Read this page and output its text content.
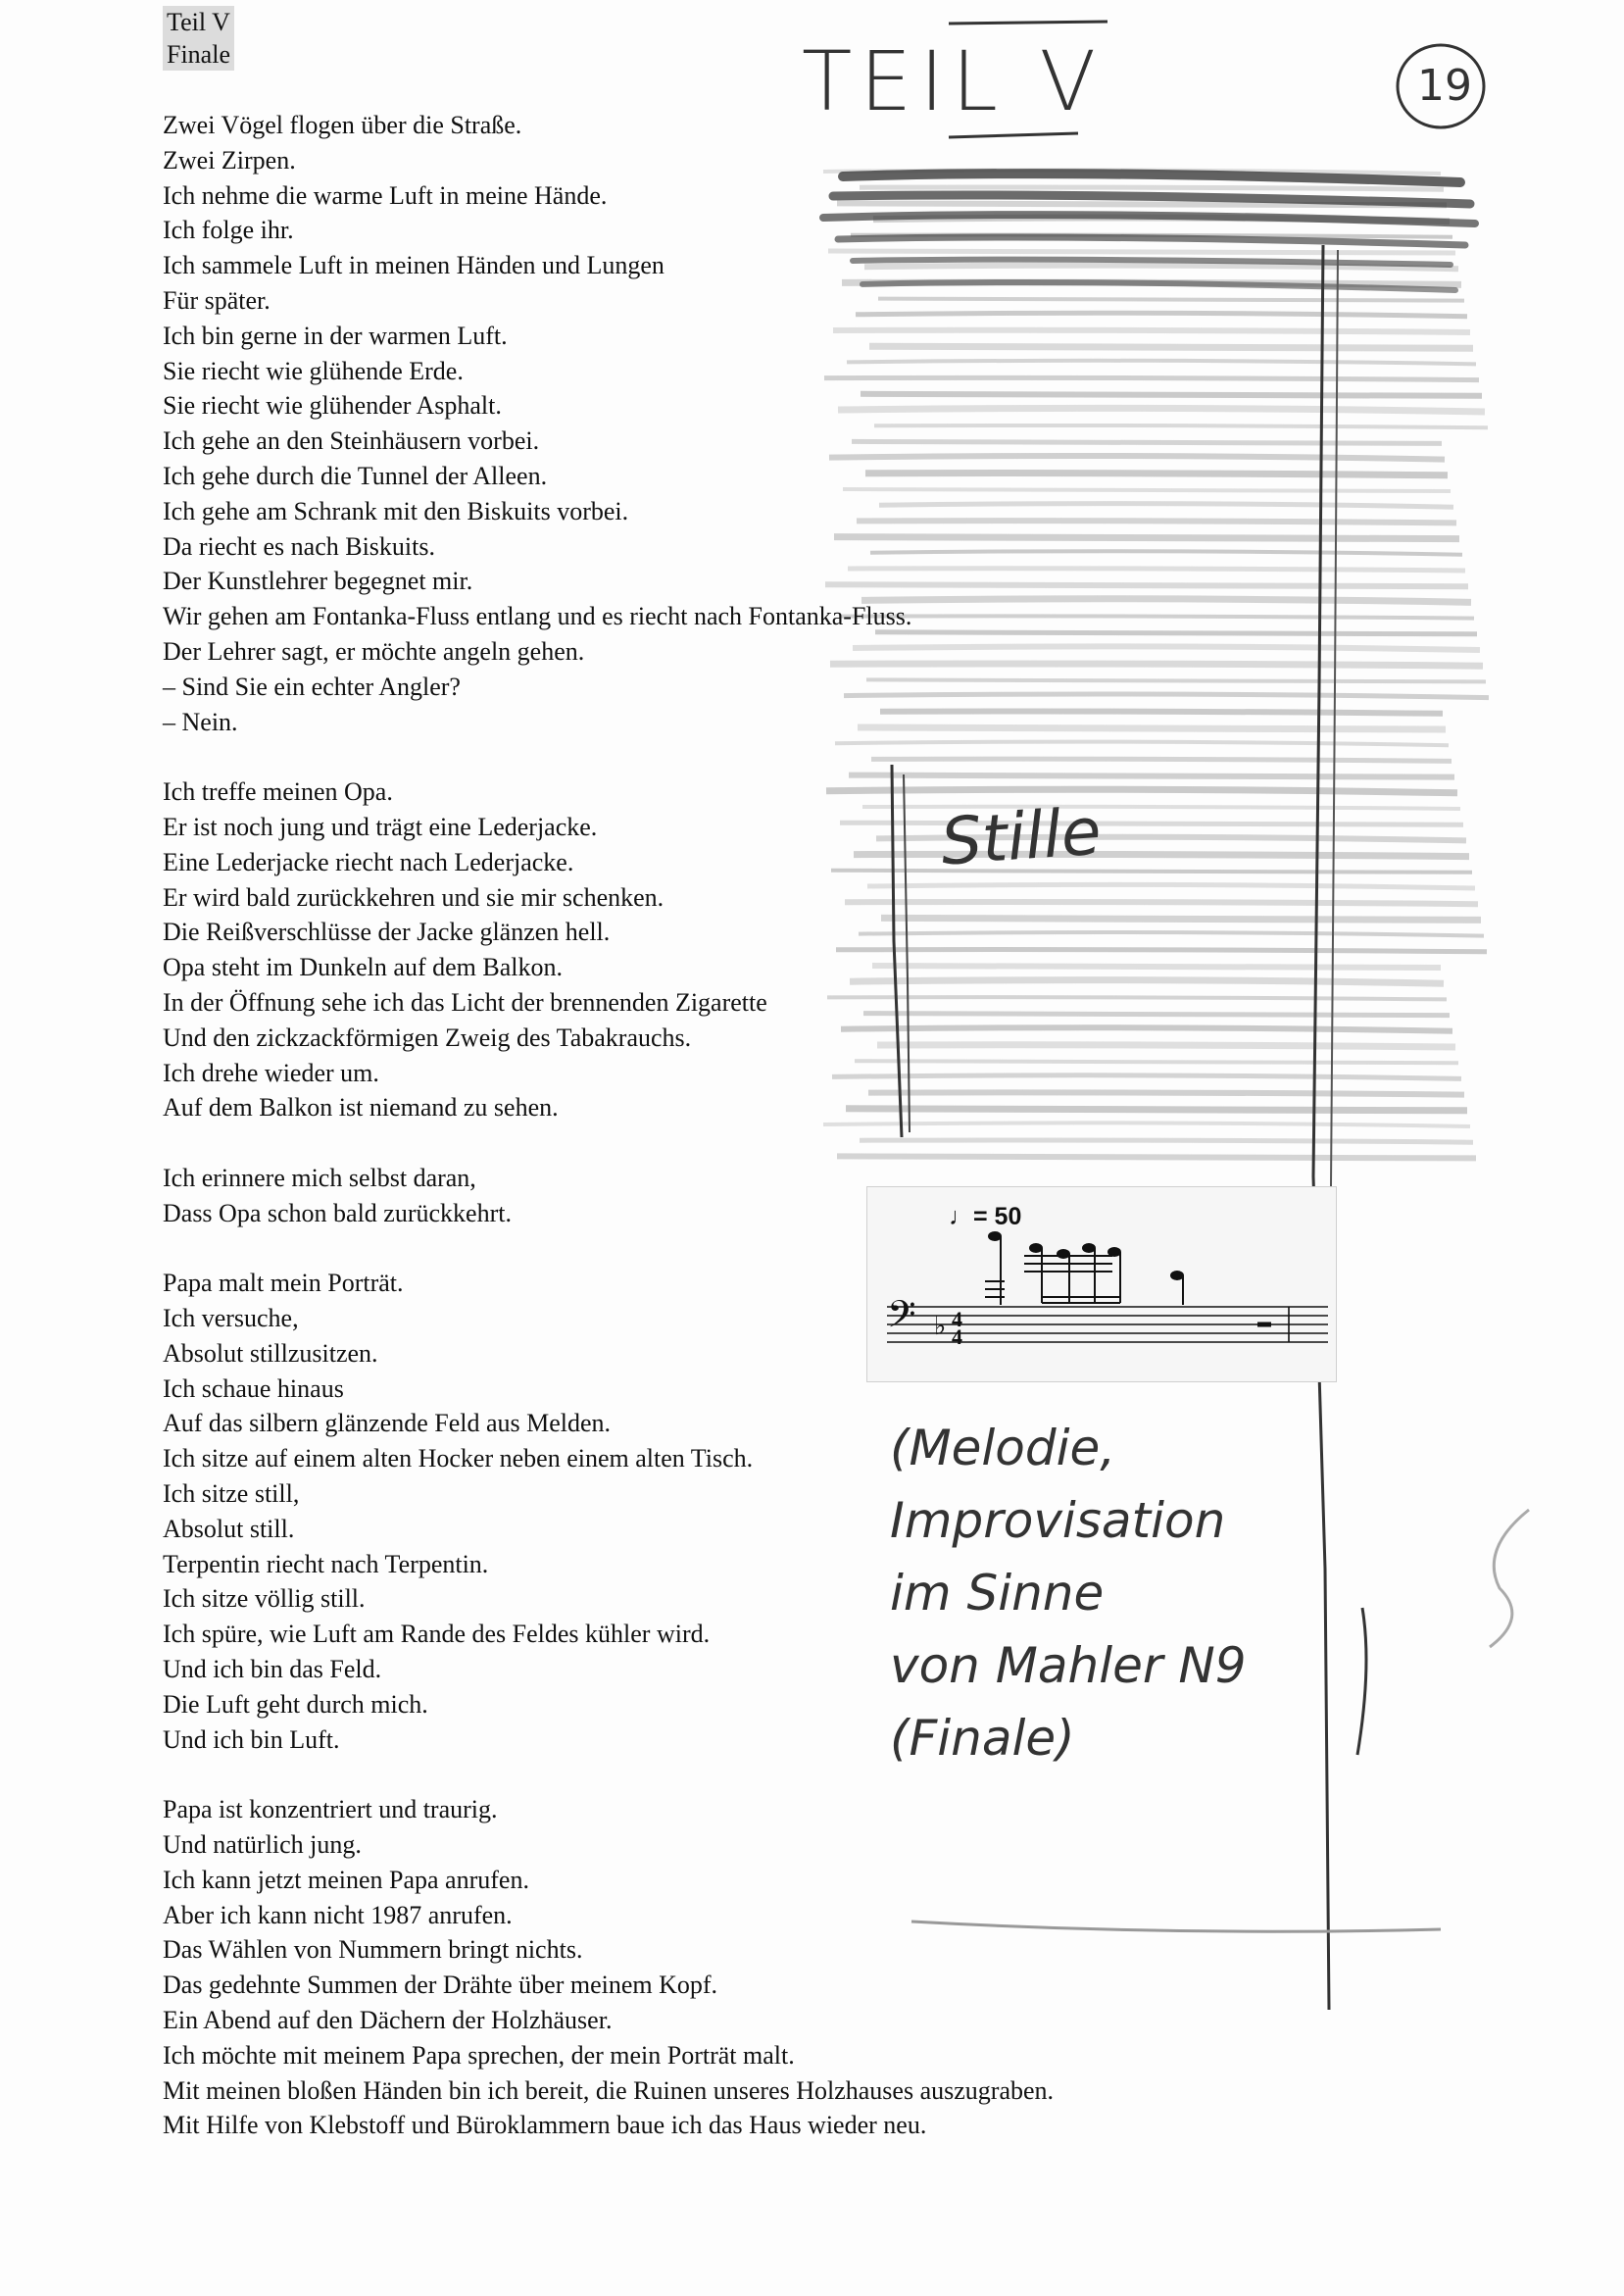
Teil V
Finale	TEIL V	19
Stille
𝄢 ♭ 4
4
♩= 50
(Melodie,
Improvisation
im Sinne
von Mahler N9
(Finale)
Zwei Vögel flogen über die Straße.
Zwei Zirpen.
Ich nehme die warme Luft in meine Hände.
Ich folge ihr.
Ich sammele Luft in meinen Händen und Lungen
Für später.
Ich bin gerne in der warmen Luft.
Sie riecht wie glühende Erde.
Sie riecht wie glühender Asphalt.
Ich gehe an den Steinhäusern vorbei.
Ich gehe durch die Tunnel der Alleen.
Ich gehe am Schrank mit den Biskuits vorbei.
Da riecht es nach Biskuits.
Der Kunstlehrer begegnet mir.
Wir gehen am Fontanka-Fluss entlang und es riecht nach Fontanka-Fluss.
Der Lehrer sagt, er möchte angeln gehen.
– Sind Sie ein echter Angler?
– Nein.
Ich treffe meinen Opa.
Er ist noch jung und trägt eine Lederjacke.
Eine Lederjacke riecht nach Lederjacke.
Er wird bald zurückkehren und sie mir schenken.
Die Reißverschlüsse der Jacke glänzen hell.
Opa steht im Dunkeln auf dem Balkon.
In der Öffnung sehe ich das Licht der brennenden Zigarette
Und den zickzackförmigen Zweig des Tabakrauchs.
Ich drehe wieder um.
Auf dem Balkon ist niemand zu sehen.
Ich erinnere mich selbst daran,
Dass Opa schon bald zurückkehrt.
Papa malt mein Porträt.
Ich versuche,
Absolut stillzusitzen.
Ich schaue hinaus
Auf das silbern glänzende Feld aus Melden.
Ich sitze auf einem alten Hocker neben einem alten Tisch.
Ich sitze still,
Absolut still.
Terpentin riecht nach Terpentin.
Ich sitze völlig still.
Ich spüre, wie Luft am Rande des Feldes kühler wird.
Und ich bin das Feld.
Die Luft geht durch mich.
Und ich bin Luft.
Papa ist konzentriert und traurig.
Und natürlich jung.
Ich kann jetzt meinen Papa anrufen.
Aber ich kann nicht 1987 anrufen.
Das Wählen von Nummern bringt nichts.
Das gedehnte Summen der Drähte über meinem Kopf.
Ein Abend auf den Dächern der Holzhäuser.
Ich möchte mit meinem Papa sprechen, der mein Porträt malt.
Mit meinen bloßen Händen bin ich bereit, die Ruinen unseres Holzhauses auszugraben.
Mit Hilfe von Klebstoff und Büroklammern baue ich das Haus wieder neu.
